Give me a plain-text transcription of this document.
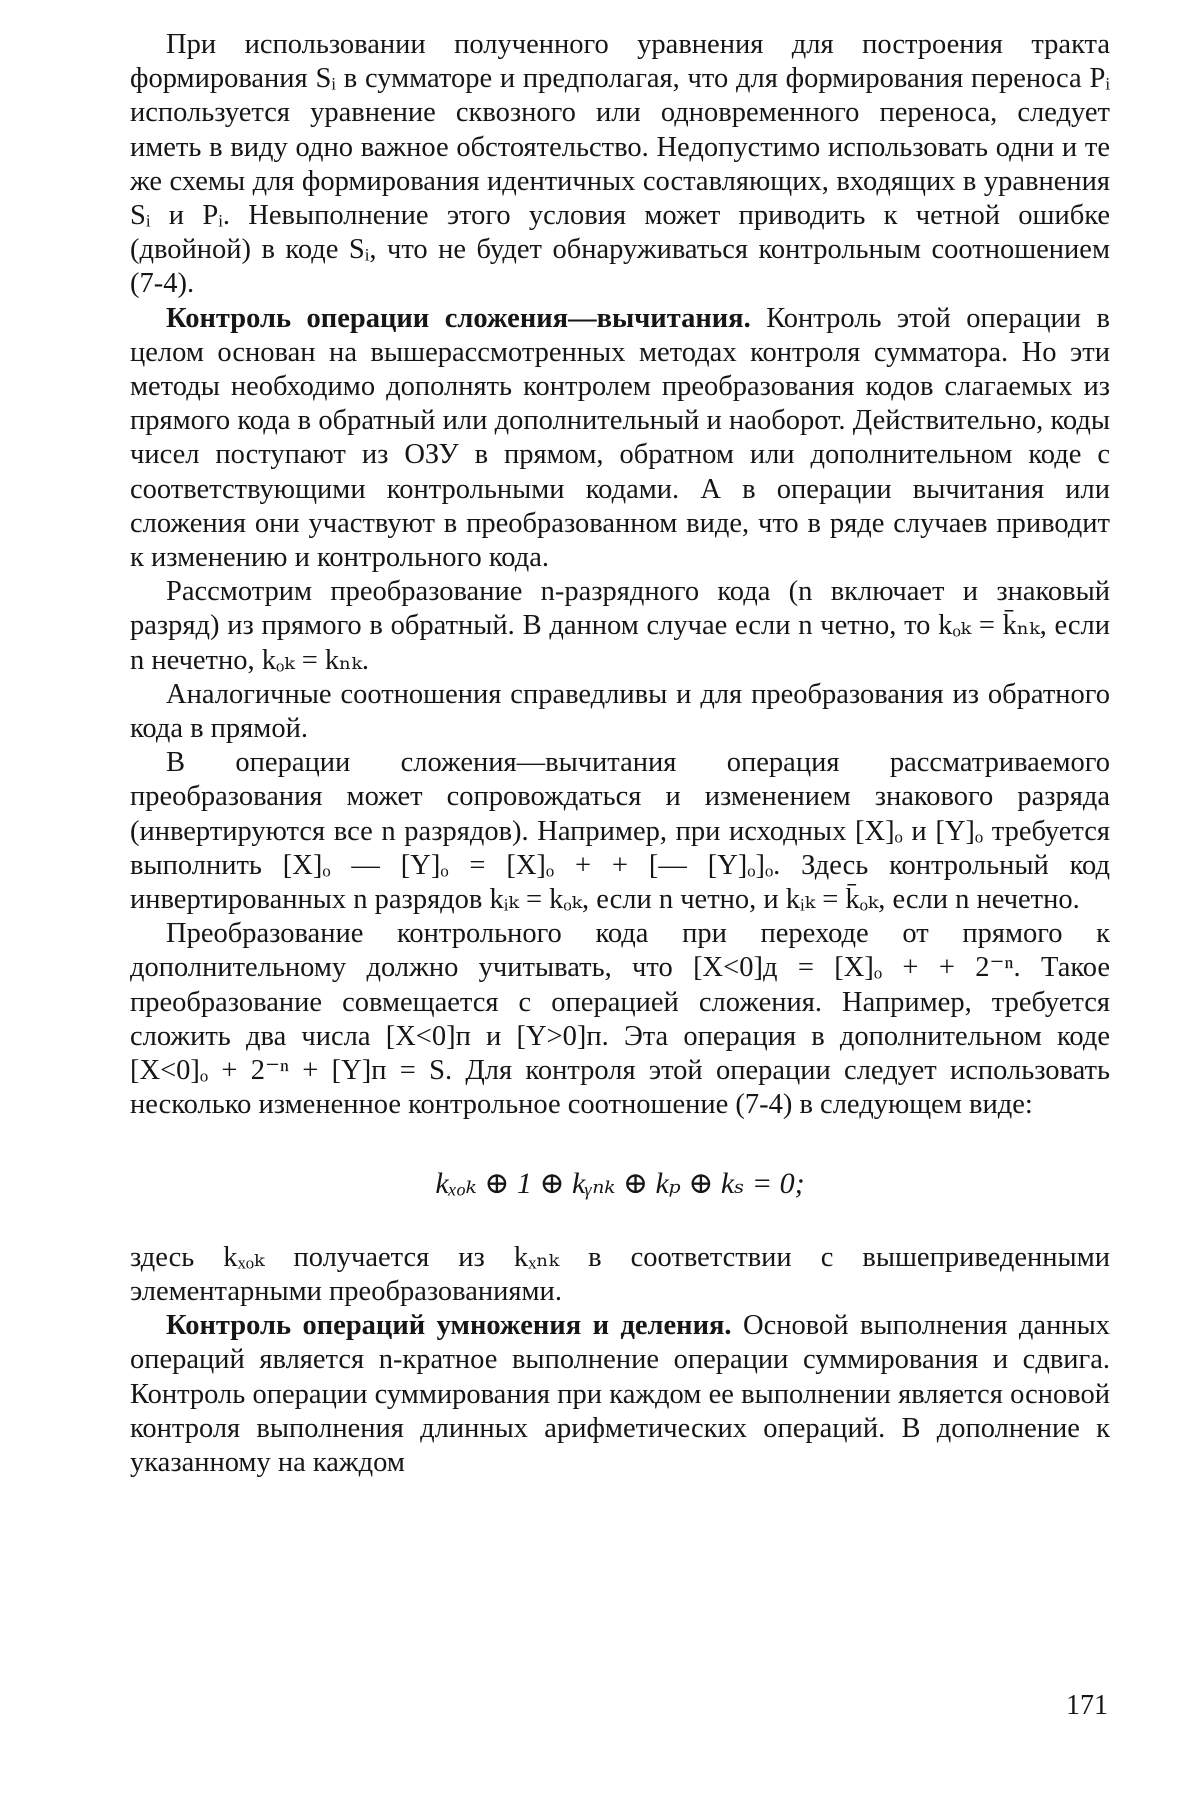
При использовании полученного уравнения для построения тракта формирования Sᵢ в сумматоре и предполагая, что для формирования переноса Pᵢ используется уравнение сквозного или одновременного переноса, следует иметь в виду одно важное обстоятельство. Недопустимо использовать одни и те же схемы для формирования идентичных составляющих, входящих в уравнения Sᵢ и Pᵢ. Невыполнение этого условия может приводить к четной ошибке (двойной) в коде Sᵢ, что не будет обнаруживаться контрольным соотношением (7-4).

Контроль операции сложения—вычитания. Контроль этой операции в целом основан на вышерассмотренных методах контроля сумматора. Но эти методы необходимо дополнять контролем преобразования кодов слагаемых из прямого кода в обратный или дополнительный и наоборот. Действительно, коды чисел поступают из ОЗУ в прямом, обратном или дополнительном коде с соответствующими контрольными кодами. А в операции вычитания или сложения они участвуют в преобразованном виде, что в ряде случаев приводит к изменению и контрольного кода.

Рассмотрим преобразование n-разрядного кода (n включает и знаковый разряд) из прямого в обратный. В данном случае если n четно, то kₒₖ = k̄ₙₖ, если n нечетно, kₒₖ = kₙₖ.

Аналогичные соотношения справедливы и для преобразования из обратного кода в прямой.

В операции сложения—вычитания операция рассматриваемого преобразования может сопровождаться и изменением знакового разряда (инвертируются все n разрядов). Например, при исходных [X]ₒ и [Y]ₒ требуется выполнить [X]ₒ — [Y]ₒ = [X]ₒ + + [— [Y]ₒ]ₒ. Здесь контрольный код инвертированных n разрядов kᵢₖ = kₒₖ, если n четно, и kᵢₖ = k̄ₒₖ, если n нечетно.

Преобразование контрольного кода при переходе от прямого к дополнительному должно учитывать, что [X<0]д = [X]ₒ + + 2⁻ⁿ. Такое преобразование совмещается с операцией сложения. Например, требуется сложить два числа [X<0]п и [Y>0]п. Эта операция в дополнительном коде [X<0]ₒ + 2⁻ⁿ + [Y]п = S. Для контроля этой операции следует использовать несколько измененное контрольное соотношение (7-4) в следующем виде:

kₓₒₖ ⊕ 1 ⊕ kᵧₙₖ ⊕ kₚ ⊕ kₛ = 0;

здесь kₓₒₖ получается из kₓₙₖ в соответствии с вышеприведенными элементарными преобразованиями.

Контроль операций умножения и деления. Основой выполнения данных операций является n-кратное выполнение операции суммирования и сдвига. Контроль операции суммирования при каждом ее выполнении является основой контроля выполнения длинных арифметических операций. В дополнение к указанному на каждом

171
